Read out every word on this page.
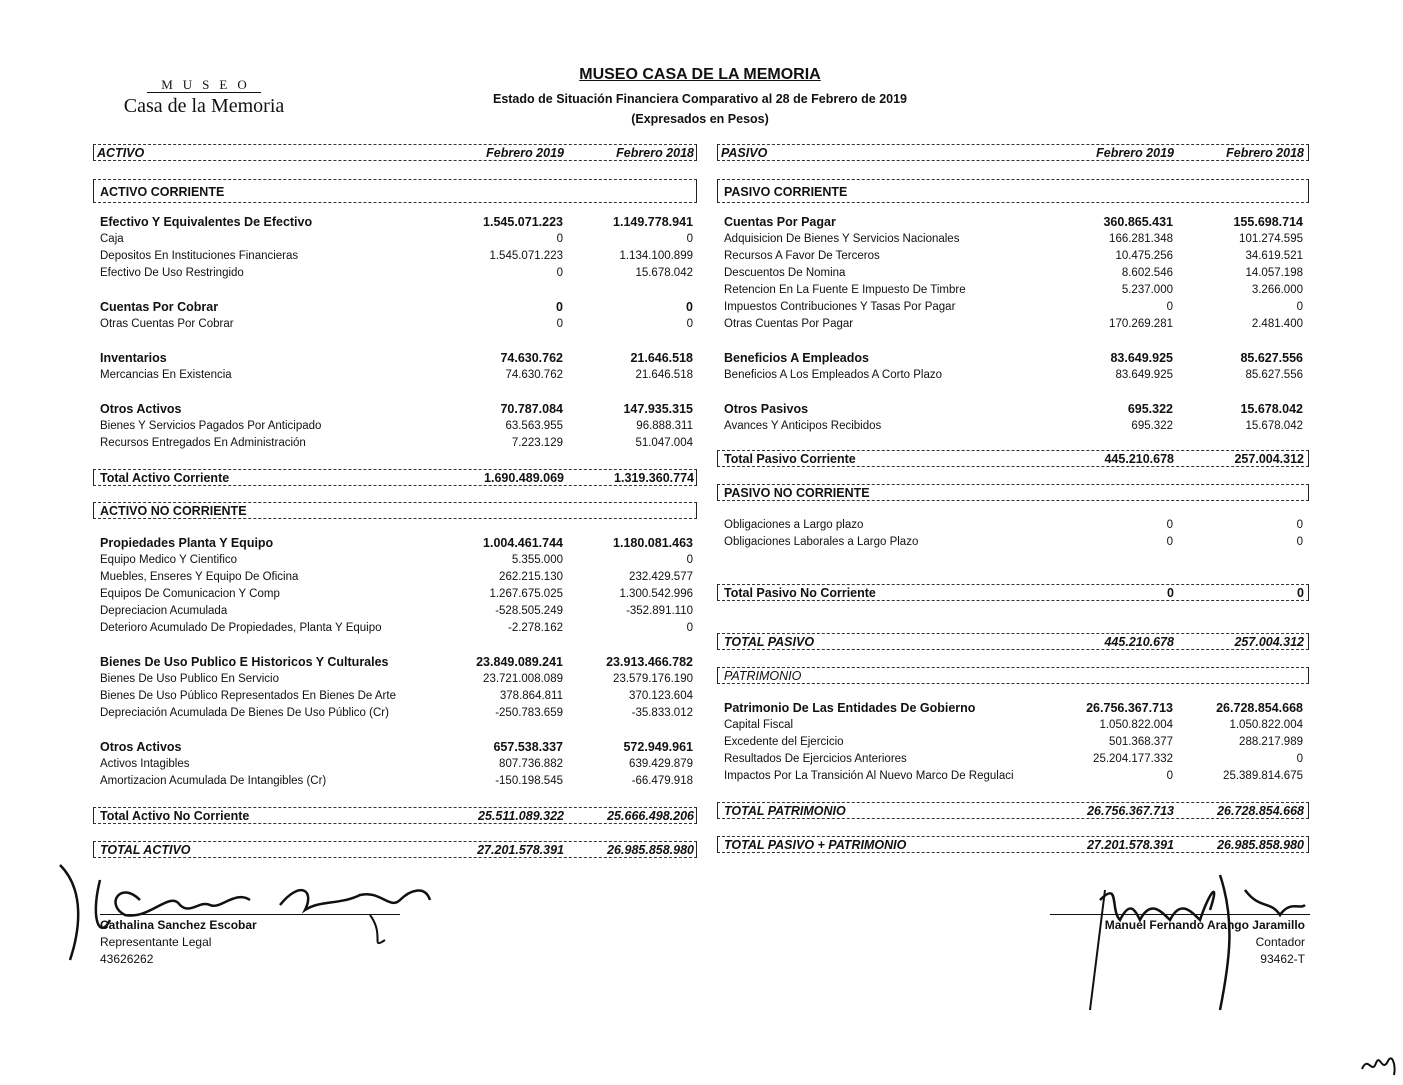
MUSEO
Casa de la Memoria
MUSEO CASA DE LA MEMORIA
Estado de Situación Financiera Comparativo al 28 de Febrero de 2019
(Expresados en Pesos)
ACTIVO	Febrero 2019	Febrero 2018
ACTIVO CORRIENTE
Efectivo Y Equivalentes De Efectivo	1.545.071.223	1.149.778.941
Caja	0	0
Depositos En Instituciones Financieras	1.545.071.223	1.134.100.899
Efectivo De Uso Restringido	0	15.678.042
Cuentas Por Cobrar	0	0
Otras Cuentas Por Cobrar	0	0
Inventarios	74.630.762	21.646.518
Mercancias En Existencia	74.630.762	21.646.518
Otros Activos	70.787.084	147.935.315
Bienes Y Servicios Pagados Por Anticipado	63.563.955	96.888.311
Recursos Entregados En Administración	7.223.129	51.047.004
Total Activo Corriente	1.690.489.069	1.319.360.774
ACTIVO NO CORRIENTE
Propiedades Planta Y Equipo	1.004.461.744	1.180.081.463
Equipo Medico Y Cientifico	5.355.000	0
Muebles, Enseres Y Equipo De Oficina	262.215.130	232.429.577
Equipos De Comunicacion Y Comp	1.267.675.025	1.300.542.996
Depreciacion Acumulada	-528.505.249	-352.891.110
Deterioro Acumulado De Propiedades, Planta Y Equipo	-2.278.162	0
Bienes De Uso Publico E Historicos Y Culturales	23.849.089.241	23.913.466.782
Bienes De Uso Publico En Servicio	23.721.008.089	23.579.176.190
Bienes De Uso Público Representados En Bienes De Arte	378.864.811	370.123.604
Depreciación Acumulada De Bienes De Uso Público (Cr)	-250.783.659	-35.833.012
Otros Activos	657.538.337	572.949.961
Activos Intagibles	807.736.882	639.429.879
Amortizacion Acumulada De Intangibles (Cr)	-150.198.545	-66.479.918
Total Activo No Corriente	25.511.089.322	25.666.498.206
TOTAL ACTIVO	27.201.578.391	26.985.858.980
PASIVO	Febrero 2019	Febrero 2018
PASIVO CORRIENTE
Cuentas Por Pagar	360.865.431	155.698.714
Adquisicion De Bienes Y Servicios Nacionales	166.281.348	101.274.595
Recursos A Favor De Terceros	10.475.256	34.619.521
Descuentos De Nomina	8.602.546	14.057.198
Retencion En La Fuente E Impuesto De Timbre	5.237.000	3.266.000
Impuestos Contribuciones Y Tasas Por Pagar	0	0
Otras Cuentas Por Pagar	170.269.281	2.481.400
Beneficios A Empleados	83.649.925	85.627.556
Beneficios A Los Empleados A Corto Plazo	83.649.925	85.627.556
Otros Pasivos	695.322	15.678.042
Avances Y Anticipos Recibidos	695.322	15.678.042
Total Pasivo Corriente	445.210.678	257.004.312
PASIVO NO CORRIENTE
Obligaciones a Largo plazo	0	0
Obligaciones Laborales a Largo Plazo	0	0
Total Pasivo No Corriente	0	0
TOTAL PASIVO	445.210.678	257.004.312
PATRIMONIO
Patrimonio De Las Entidades De Gobierno	26.756.367.713	26.728.854.668
Capital Fiscal	1.050.822.004	1.050.822.004
Excedente del Ejercicio	501.368.377	288.217.989
Resultados De Ejercicios Anteriores	25.204.177.332	0
Impactos Por La Transición Al Nuevo Marco De Regulaci	0	25.389.814.675
TOTAL PATRIMONIO	26.756.367.713	26.728.854.668
TOTAL PASIVO + PATRIMONIO	27.201.578.391	26.985.858.980
Cathalina Sanchez Escobar
Representante Legal
43626262
Manuel Fernando Arango Jaramillo
Contador
93462-T
